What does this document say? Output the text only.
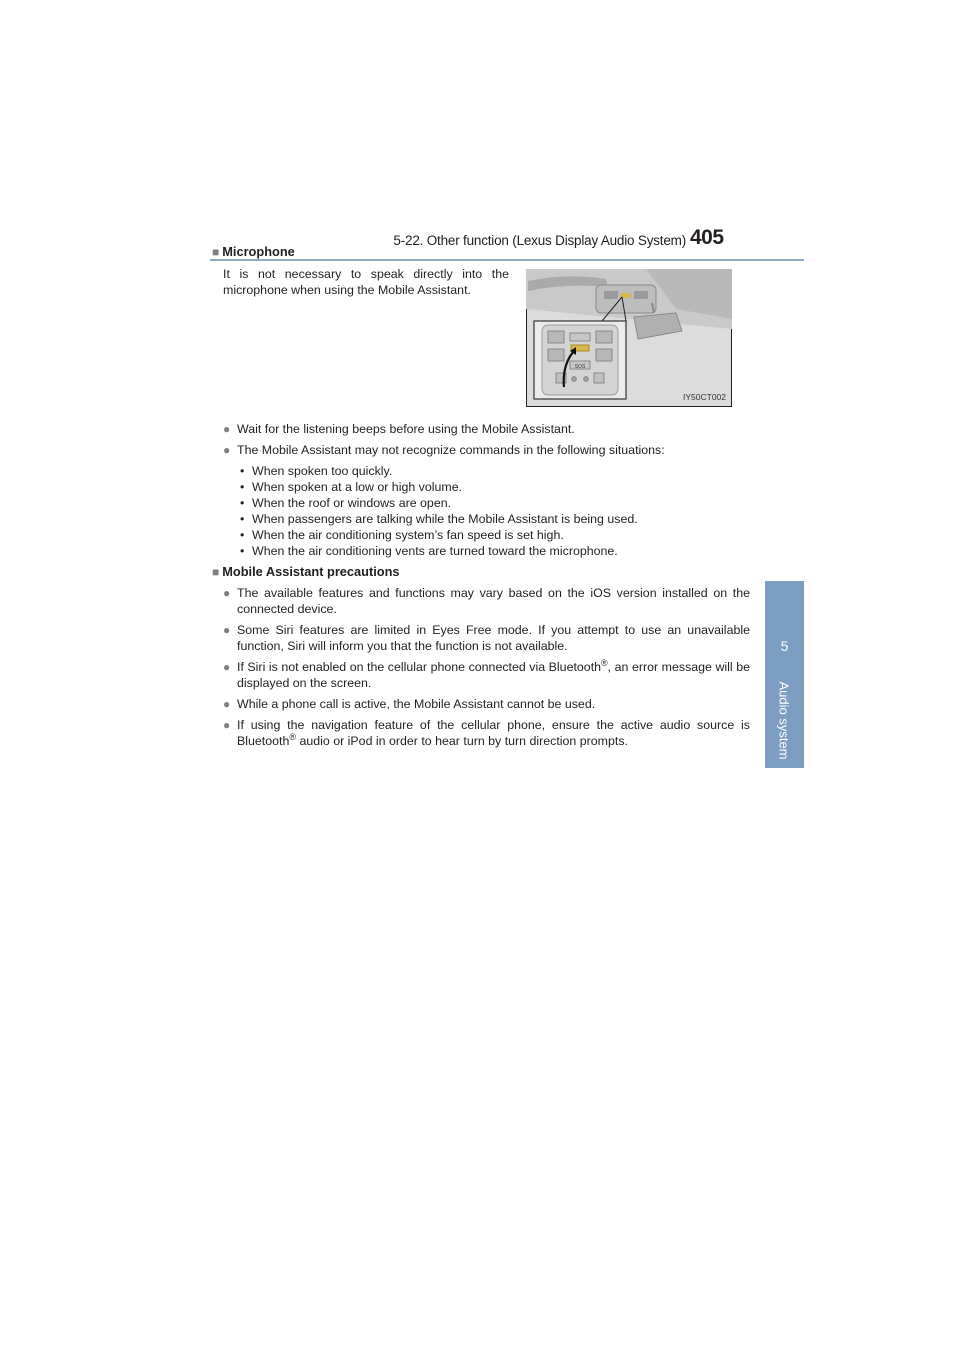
5-22. Other function (Lexus Display Audio System) 405
5
Audio system
■ Microphone
It is not necessary to speak directly into the microphone when using the Mobile Assistant.
SOS
IY50CT002
● Wait for the listening beeps before using the Mobile Assistant.
● The Mobile Assistant may not recognize commands in the following situations:
• When spoken too quickly.
• When spoken at a low or high volume.
• When the roof or windows are open.
• When passengers are talking while the Mobile Assistant is being used.
• When the air conditioning system’s fan speed is set high.
• When the air conditioning vents are turned toward the microphone.
■ Mobile Assistant precautions
● The available features and functions may vary based on the iOS version installed on the connected device.
● Some Siri features are limited in Eyes Free mode. If you attempt to use an unavailable function, Siri will inform you that the function is not available.
● If Siri is not enabled on the cellular phone connected via Bluetooth®, an error message will be displayed on the screen.
● While a phone call is active, the Mobile Assistant cannot be used.
● If using the navigation feature of the cellular phone, ensure the active audio source is Bluetooth® audio or iPod in order to hear turn by turn direction prompts.
